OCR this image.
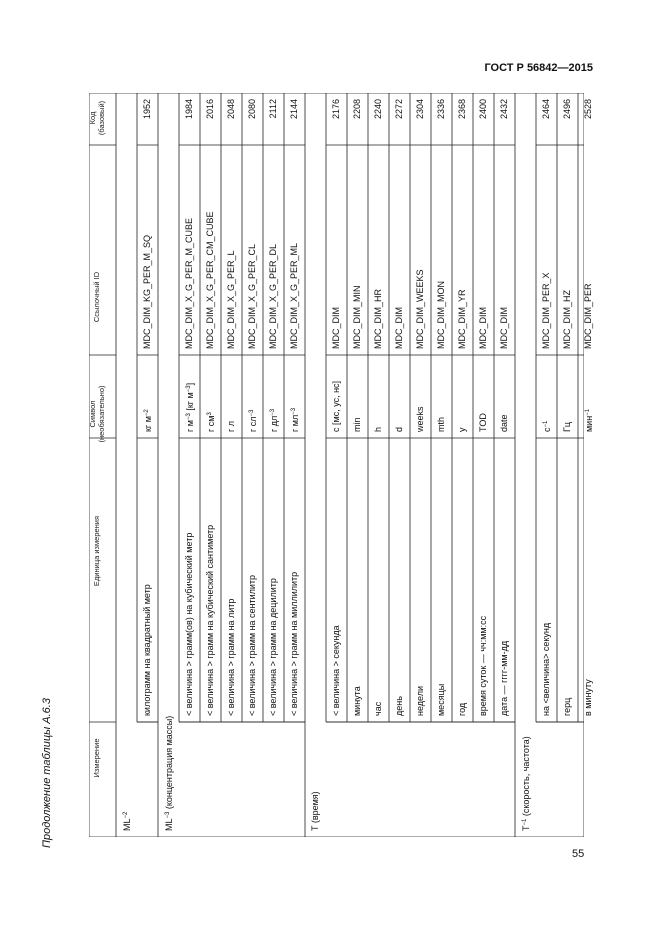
ГОСТ Р 56842—2015
Продолжение таблицы А.6.3
55
Измерение
Единица измерения
Символ (необязательно)
Ссылочный ID
Код (базовый)
$ML^{-2}$
килограмм на квадратный метр
кг $м^{-2}$
MDC_DIM_KG_PER_M_SQ
1952
$ML^{-3}$ (концентрация массы)
< величина > грамм(ов) на кубический метр
г $м^{-3}$ [кг $м^{-3}$]
MDC_DIM_X_G_PER_M_CUBE
1984
< величина > грамм на кубический сантиметр
г $см^3$
MDC_DIM_X_G_PER_CM_CUBE
2016
< величина > грамм на литр
г л
MDC_DIM_X_G_PER_L
2048
< величина > грамм на сентилитр
г $сл^{-3}$
MDC_DIM_X_G_PER_CL
2080
< величина > грамм на децилитр
г $дл^{-3}$
MDC_DIM_X_G_PER_DL
2112
< величина > грамм на миллилитр
г $мл^{-3}$
MDC_DIM_X_G_PER_ML
2144
T (время)
< величина > секунда
с [мс, ус, нс]
MDC_DIM
2176
минута
min
MDC_DIM_MIN
2208
час
h
MDC_DIM_HR
2240
день
d
MDC_DIM
2272
недели
weeks
MDC_DIM_WEEKS
2304
месяцы
mth
MDC_DIM_MON
2336
год
y
MDC_DIM_YR
2368
время суток — чч:мм:сс
TOD
MDC_DIM
2400
дата — гггг-мм-дд
date
MDC_DIM
2432
$T^{-1}$ (скорость, частота)
на <величина> секунд
$с^{-1}$
MDC_DIM_PER_X
2464
герц
Гц
MDC_DIM_HZ
2496
в минуту
мин$^{-1}$
MDC_DIM_PER
2528
